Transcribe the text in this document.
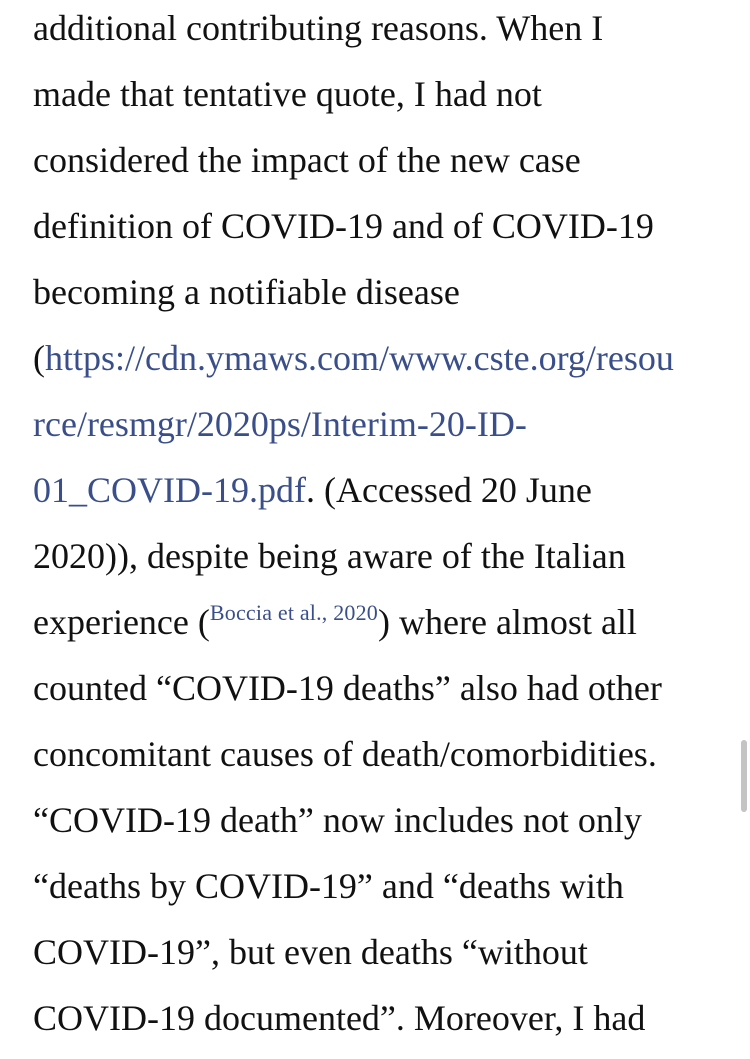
additional contributing reasons. When I
made that tentative quote, I had not
considered the impact of the new case
definition of COVID-19 and of COVID-19
becoming a notifiable disease
(https://cdn.ymaws.com/www.cste.org/resou
rce/resmgr/2020ps/Interim-20-ID-
01_COVID-19.pdf. (Accessed 20 June
2020)), despite being aware of the Italian
experience ($^{Boccia et al., 2020}$) where almost all
counted “COVID-19 deaths” also had other
concomitant causes of death/comorbidities.
“COVID-19 death” now includes not only
“deaths by COVID-19” and “deaths with
COVID-19”, but even deaths “without
COVID-19 documented”. Moreover, I had
